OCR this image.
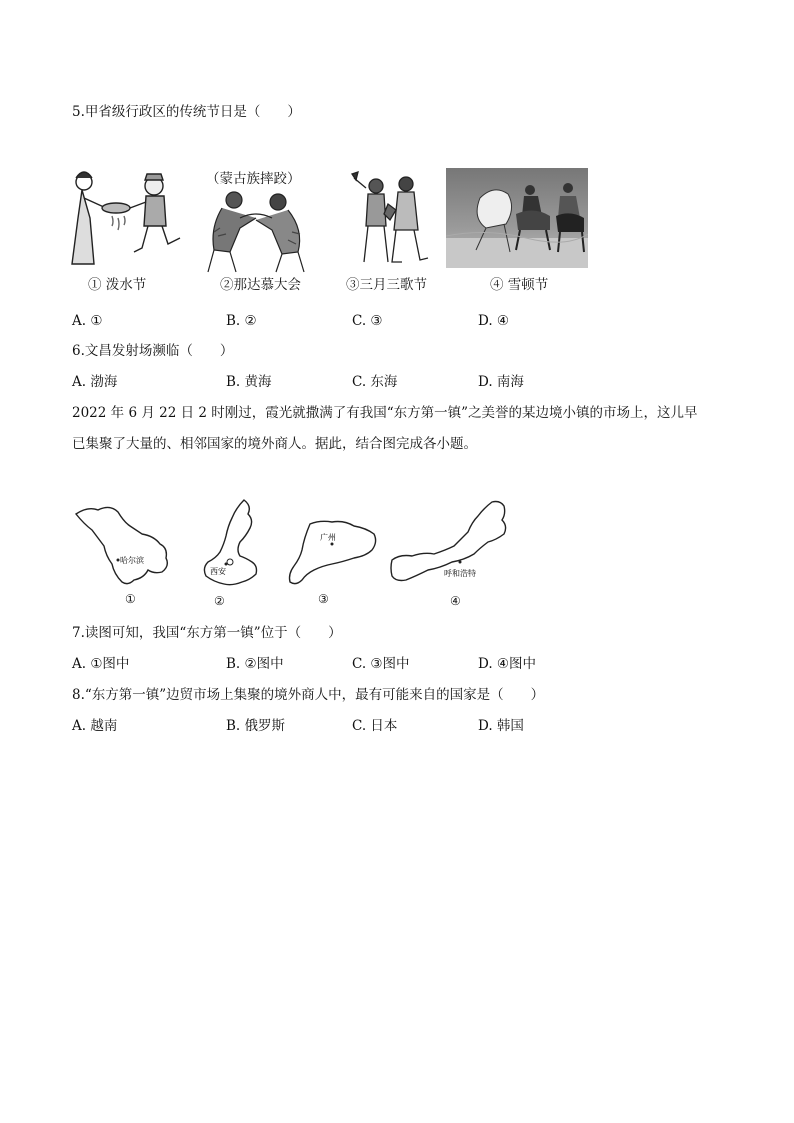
5.甲省级行政区的传统节日是（　　）
① 泼水节
（蒙古族摔跤）
②那达慕大会	③三月三歌节	④ 雪顿节
A. ①	B. ②	C. ③	D. ④
6.文昌发射场濒临（　　）
A. 渤海	B. 黄海	C. 东海	D. 南海
2022 年 6 月 22 日 2 时刚过，霞光就撒满了有我国“东方第一镇”之美誉的某边境小镇的市场上，这儿早
已集聚了大量的、相邻国家的境外商人。据此，结合图完成各小题。
哈尔滨
①
西安
②
广州
③
呼和浩特
④
7.读图可知，我国“东方第一镇”位于（　　）
A. ①图中	B. ②图中	C. ③图中	D. ④图中
8.“东方第一镇”边贸市场上集聚的境外商人中，最有可能来自的国家是（　　）
A. 越南	B. 俄罗斯	C. 日本	D. 韩国
